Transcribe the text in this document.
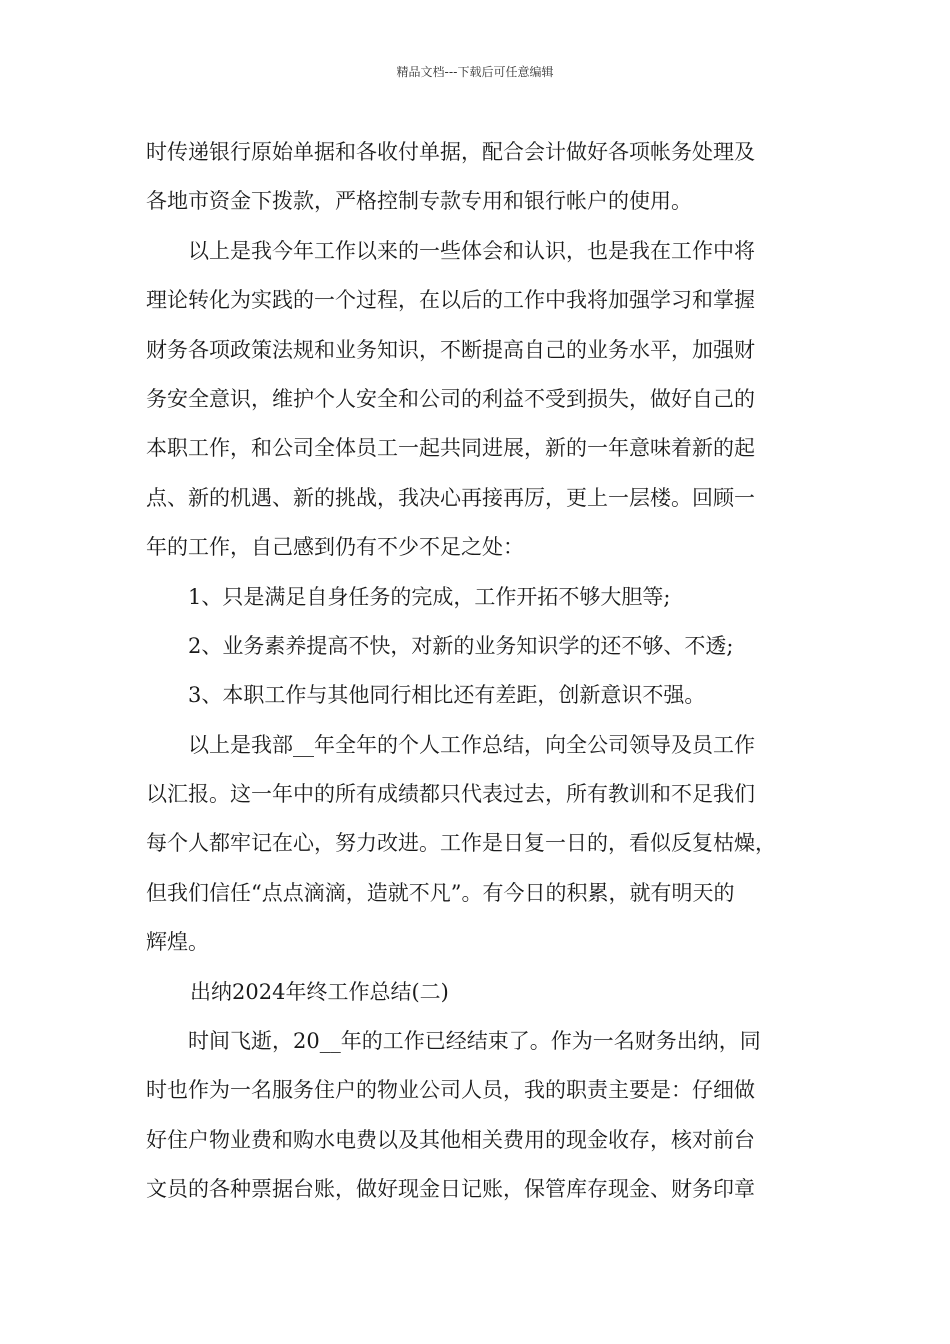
精品文档---下载后可任意编辑
时传递银行原始单据和各收付单据，配合会计做好各项帐务处理及
各地市资金下拨款，严格控制专款专用和银行帐户的使用。
以上是我今年工作以来的一些体会和认识，也是我在工作中将
理论转化为实践的一个过程，在以后的工作中我将加强学习和掌握
财务各项政策法规和业务知识，不断提高自己的业务水平，加强财
务安全意识，维护个人安全和公司的利益不受到损失，做好自己的
本职工作，和公司全体员工一起共同进展，新的一年意味着新的起
点、新的机遇、新的挑战，我决心再接再厉，更上一层楼。回顾一
年的工作，自己感到仍有不少不足之处：
1、只是满足自身任务的完成，工作开拓不够大胆等;
2、业务素养提高不快，对新的业务知识学的还不够、不透;
3、本职工作与其他同行相比还有差距，创新意识不强。
以上是我部__年全年的个人工作总结，向全公司领导及员工作
以汇报。这一年中的所有成绩都只代表过去，所有教训和不足我们
每个人都牢记在心，努力改进。工作是日复一日的，看似反复枯燥，
但我们信任“点点滴滴，造就不凡”。有今日的积累，就有明天的
辉煌。
出纳2024年终工作总结(二)
时间飞逝，20__年的工作已经结束了。作为一名财务出纳，同
时也作为一名服务住户的物业公司人员，我的职责主要是：仔细做
好住户物业费和购水电费以及其他相关费用的现金收存，核对前台
文员的各种票据台账，做好现金日记账，保管库存现金、财务印章
